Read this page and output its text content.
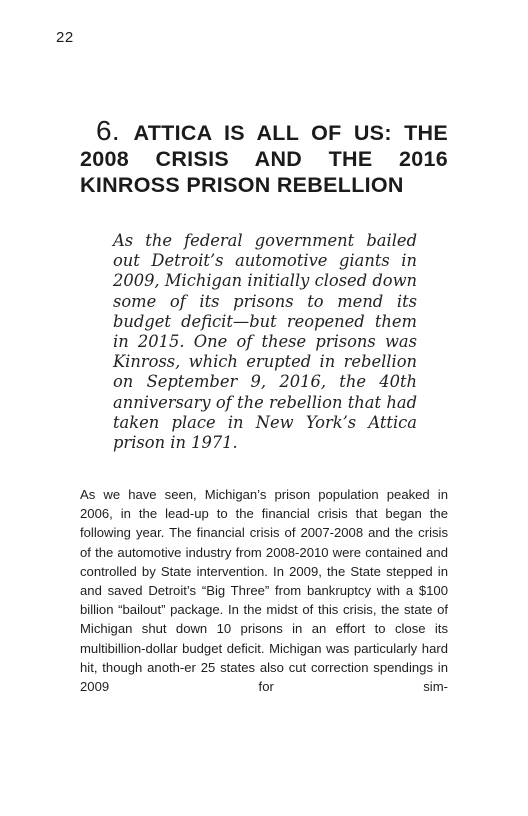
22
6. ATTICA IS ALL OF US: THE 2008 CRISIS AND THE 2016 KINROSS PRISON REBELLION
As the federal government bailed out Detroit’s automotive giants in 2009, Michigan initially closed down some of its prisons to mend its budget deficit—but reopened them in 2015. One of these prisons was Kinross, which erupted in rebellion on September 9, 2016, the 40th anniversary of the rebellion that had taken place in New York’s Attica prison in 1971.
As we have seen, Michigan’s prison population peaked in 2006, in the lead-up to the financial crisis that began the following year. The financial crisis of 2007-2008 and the crisis of the automotive industry from 2008-2010 were contained and controlled by State intervention. In 2009, the State stepped in and saved Detroit’s “Big Three” from bankruptcy with a $100 billion “bailout” package. In the midst of this crisis, the state of Michigan shut down 10 prisons in an effort to close its multibillion-dollar budget deficit. Michigan was particularly hard hit, though anoth-er 25 states also cut correction spendings in 2009 for sim-
